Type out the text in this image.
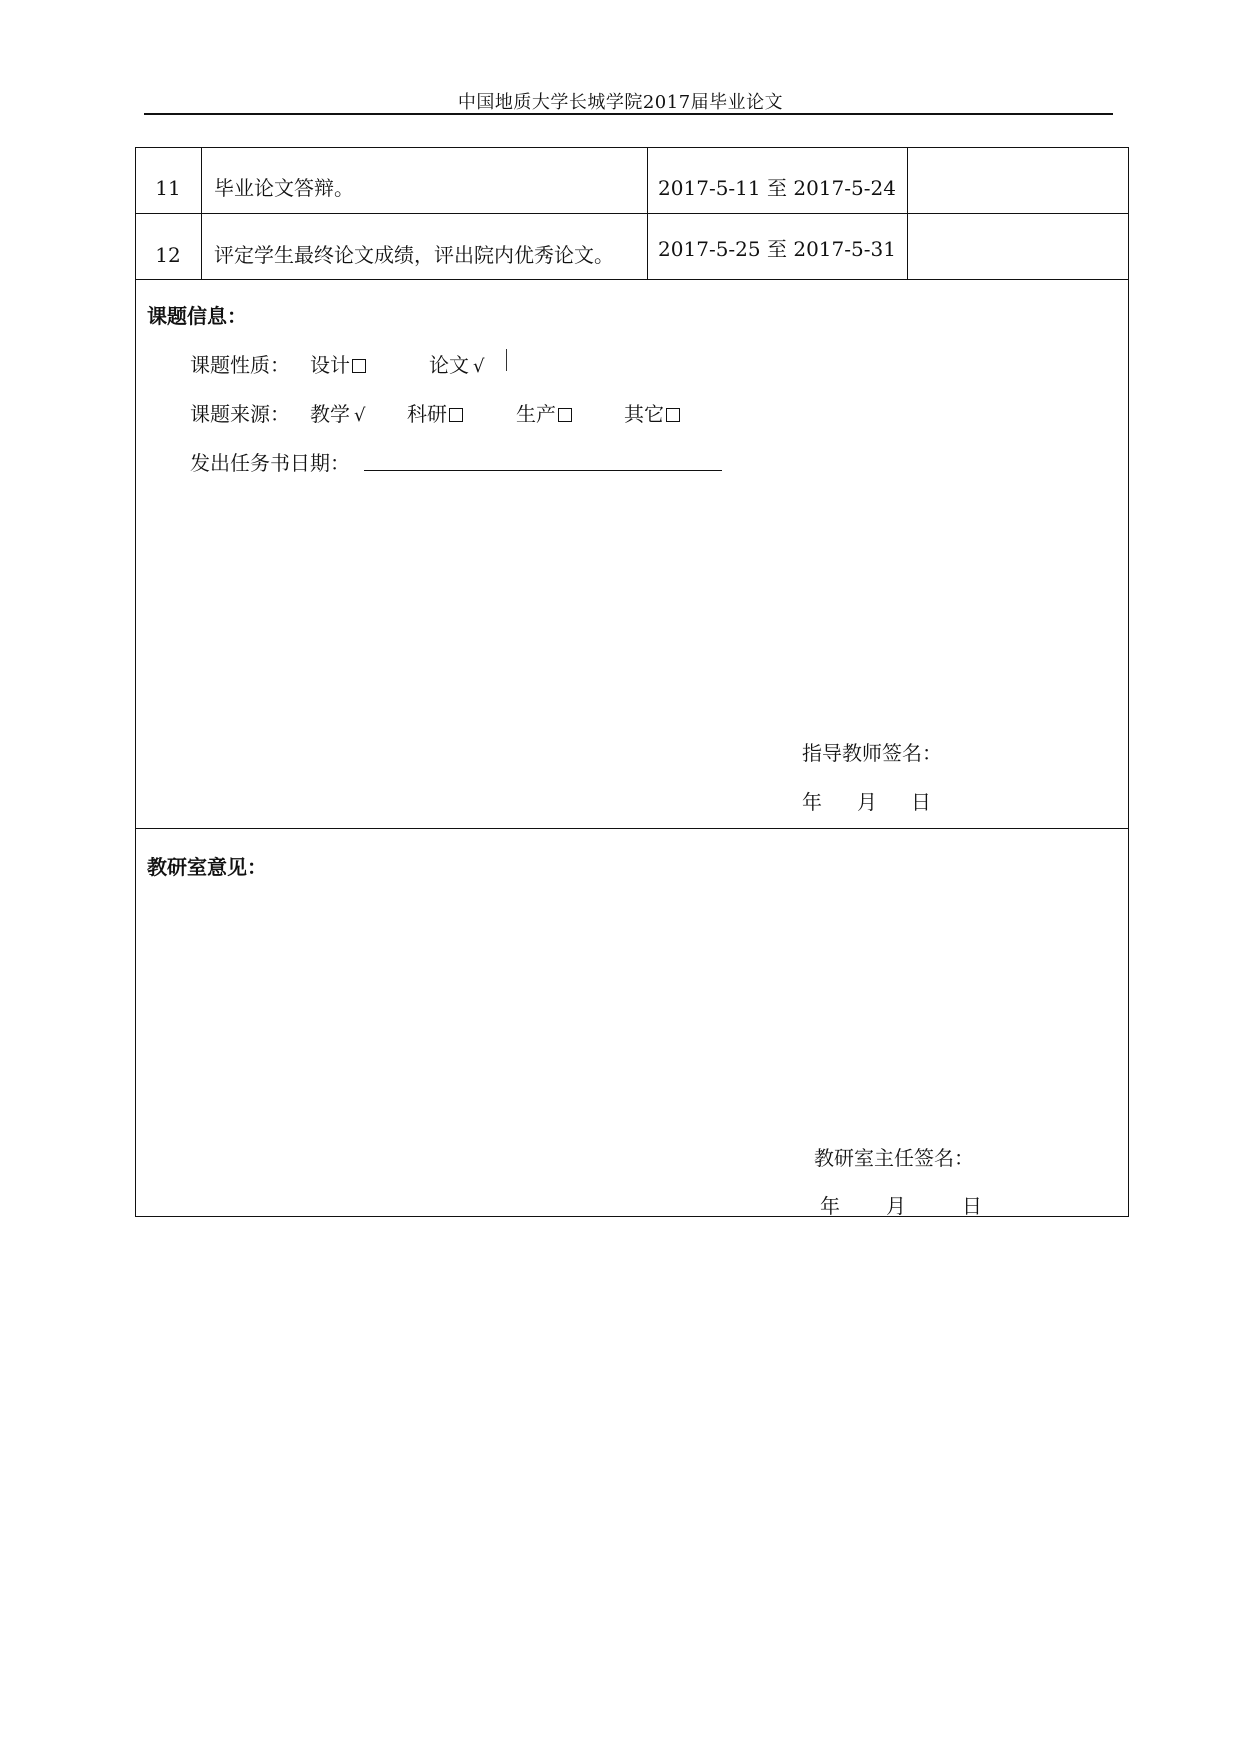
中国地质大学长城学院2017届毕业论文
11	毕业论文答辩。	2017-5-11 至 2017-5-24
12	评定学生最终论文成绩，评出院内优秀论文。	2017-5-25 至 2017-5-31
课题信息：
课题性质： 设计	论文 √
课题来源： 教学 √ 科研	生产	其它
发出任务书日期：
指导教师签名：
年 月 日
教研室意见：
教研室主任签名：
年 月	日
